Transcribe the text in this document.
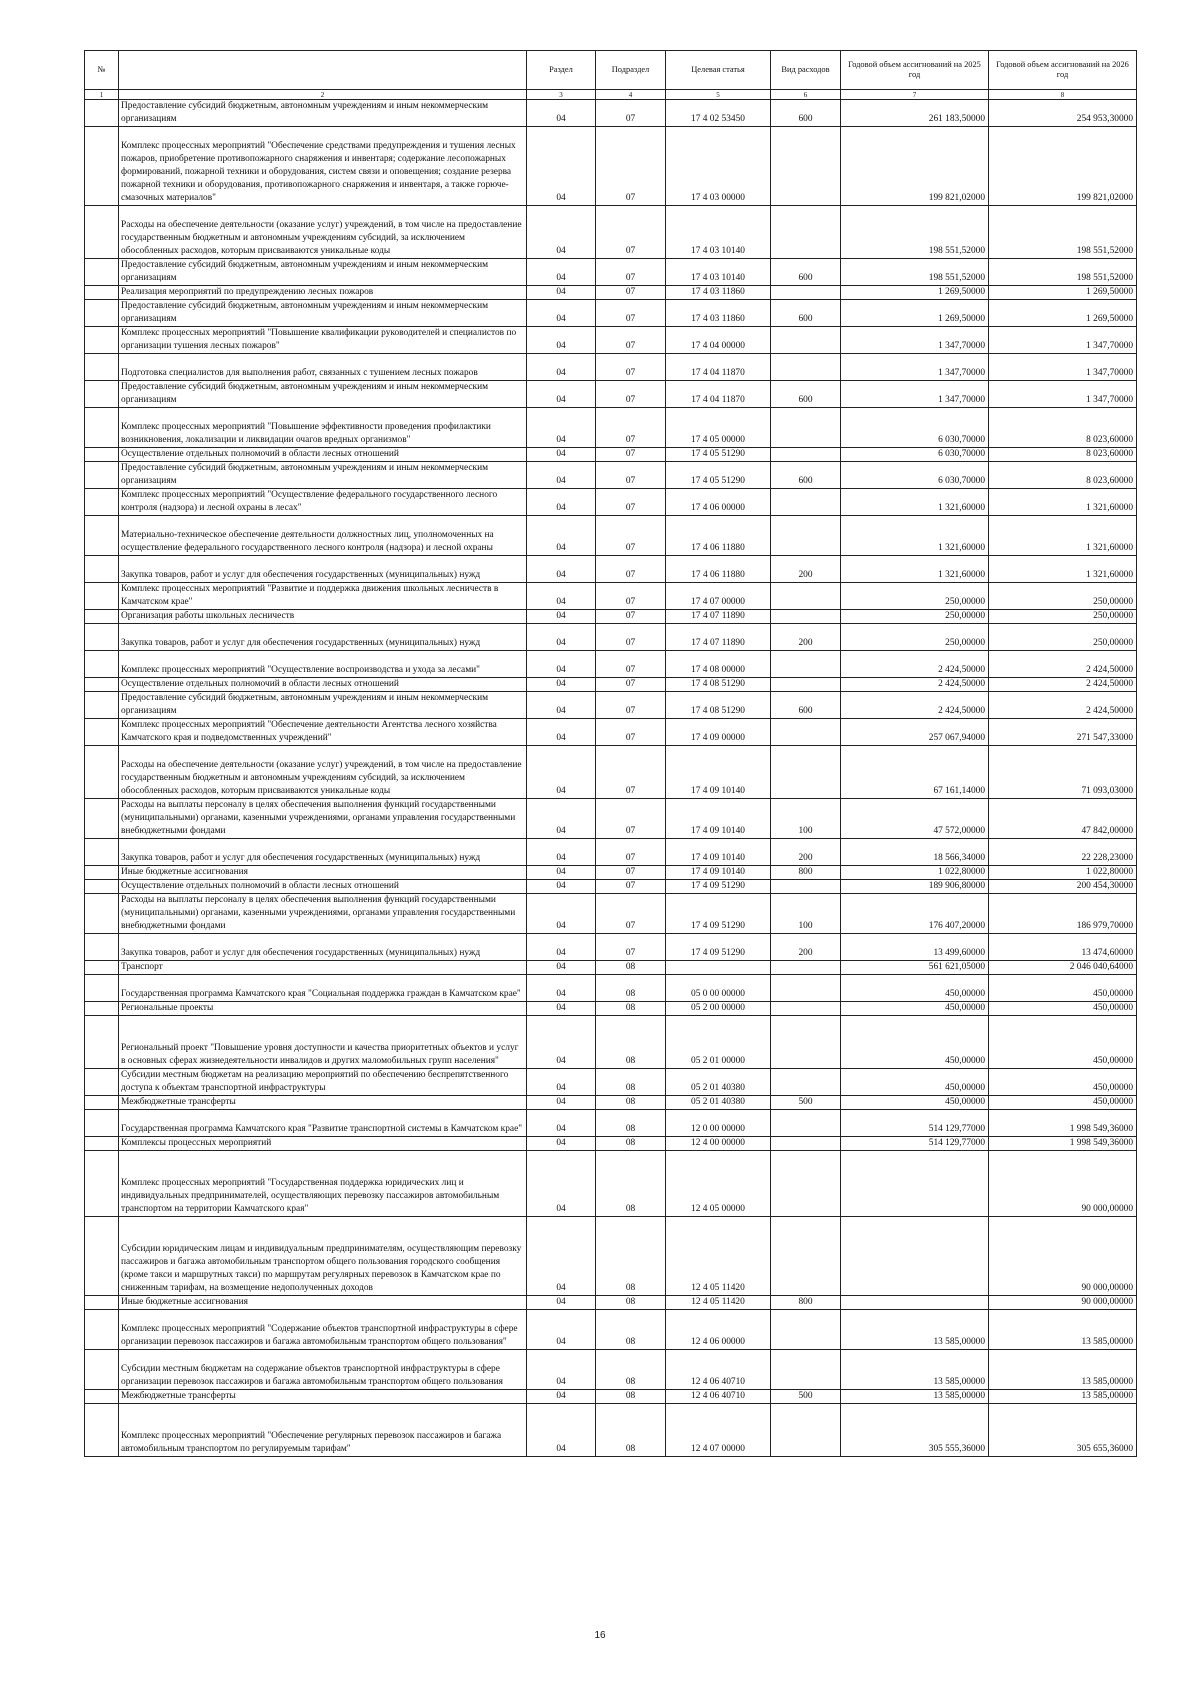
№		Раздел	Подраздел	Целевая статья	Вид расходов	Годовой объем ассигнований на 2025 год	Годовой объем ассигнований на 2026 год
1	2	3	4	5	6	7	8
	Предоставление субсидий бюджетным, автономным учреждениям и иным некоммерческим организациям	04	07	17 4 02 53450	600	261 183,50000	254 953,30000
	Комплекс процессных мероприятий "Обеспечение средствами предупреждения и тушения лесных пожаров, приобретение противопожарного снаряжения и инвентаря; содержание лесопожарных формирований, пожарной техники и оборудования, систем связи и оповещения; создание резерва пожарной техники и оборудования, противопожарного снаряжения и инвентаря, а также горюче-смазочных материалов"	04	07	17 4 03 00000		199 821,02000	199 821,02000
	Расходы на обеспечение деятельности (оказание услуг) учреждений, в том числе на предоставление государственным бюджетным и автономным учреждениям субсидий, за исключением обособленных расходов, которым присваиваются уникальные коды	04	07	17 4 03 10140		198 551,52000	198 551,52000
	Предоставление субсидий бюджетным, автономным учреждениям и иным некоммерческим организациям	04	07	17 4 03 10140	600	198 551,52000	198 551,52000
	Реализация мероприятий по предупреждению лесных пожаров	04	07	17 4 03 11860		1 269,50000	1 269,50000
	Предоставление субсидий бюджетным, автономным учреждениям и иным некоммерческим организациям	04	07	17 4 03 11860	600	1 269,50000	1 269,50000
	Комплекс процессных мероприятий "Повышение квалификации руководителей и специалистов по организации тушения лесных пожаров"	04	07	17 4 04 00000		1 347,70000	1 347,70000
	Подготовка специалистов для выполнения работ, связанных с тушением лесных пожаров	04	07	17 4 04 11870		1 347,70000	1 347,70000
	Предоставление субсидий бюджетным, автономным учреждениям и иным некоммерческим организациям	04	07	17 4 04 11870	600	1 347,70000	1 347,70000
	Комплекс процессных мероприятий "Повышение эффективности проведения профилактики возникновения, локализации и ликвидации очагов вредных организмов"	04	07	17 4 05 00000		6 030,70000	8 023,60000
	Осуществление отдельных полномочий в области лесных отношений	04	07	17 4 05 51290		6 030,70000	8 023,60000
	Предоставление субсидий бюджетным, автономным учреждениям и иным некоммерческим организациям	04	07	17 4 05 51290	600	6 030,70000	8 023,60000
	Комплекс процессных мероприятий "Осуществление федерального государственного лесного контроля (надзора) и лесной охраны в лесах"	04	07	17 4 06 00000		1 321,60000	1 321,60000
	Материально-техническое обеспечение деятельности должностных лиц, уполномоченных на осуществление федерального государственного лесного контроля (надзора) и лесной охраны	04	07	17 4 06 11880		1 321,60000	1 321,60000
	Закупка товаров, работ и услуг для обеспечения государственных (муниципальных) нужд	04	07	17 4 06 11880	200	1 321,60000	1 321,60000
	Комплекс процессных мероприятий "Развитие и поддержка движения школьных лесничеств в Камчатском крае"	04	07	17 4 07 00000		250,00000	250,00000
	Организация работы школьных лесничеств	04	07	17 4 07 11890		250,00000	250,00000
	Закупка товаров, работ и услуг для обеспечения государственных (муниципальных) нужд	04	07	17 4 07 11890	200	250,00000	250,00000
	Комплекс процессных мероприятий "Осуществление воспроизводства и ухода за лесами"	04	07	17 4 08 00000		2 424,50000	2 424,50000
	Осуществление отдельных полномочий в области лесных отношений	04	07	17 4 08 51290		2 424,50000	2 424,50000
	Предоставление субсидий бюджетным, автономным учреждениям и иным некоммерческим организациям	04	07	17 4 08 51290	600	2 424,50000	2 424,50000
	Комплекс процессных мероприятий "Обеспечение деятельности Агентства лесного хозяйства Камчатского края и подведомственных учреждений"	04	07	17 4 09 00000		257 067,94000	271 547,33000
	Расходы на обеспечение деятельности (оказание услуг) учреждений, в том числе на предоставление государственным бюджетным и автономным учреждениям субсидий, за исключением обособленных расходов, которым присваиваются уникальные коды	04	07	17 4 09 10140		67 161,14000	71 093,03000
	Расходы на выплаты персоналу в целях обеспечения выполнения функций государственными (муниципальными) органами, казенными учреждениями, органами управления государственными внебюджетными фондами	04	07	17 4 09 10140	100	47 572,00000	47 842,00000
	Закупка товаров, работ и услуг для обеспечения государственных (муниципальных) нужд	04	07	17 4 09 10140	200	18 566,34000	22 228,23000
	Иные бюджетные ассигнования	04	07	17 4 09 10140	800	1 022,80000	1 022,80000
	Осуществление отдельных полномочий в области лесных отношений	04	07	17 4 09 51290		189 906,80000	200 454,30000
	Расходы на выплаты персоналу в целях обеспечения выполнения функций государственными (муниципальными) органами, казенными учреждениями, органами управления государственными внебюджетными фондами	04	07	17 4 09 51290	100	176 407,20000	186 979,70000
	Закупка товаров, работ и услуг для обеспечения государственных (муниципальных) нужд	04	07	17 4 09 51290	200	13 499,60000	13 474,60000
	Транспорт	04	08			561 621,05000	2 046 040,64000
	Государственная программа Камчатского края "Социальная поддержка граждан в Камчатском крае"	04	08	05 0 00 00000		450,00000	450,00000
	Региональные проекты	04	08	05 2 00 00000		450,00000	450,00000
	Региональный проект "Повышение уровня доступности и качества приоритетных объектов и услуг в основных сферах жизнедеятельности инвалидов и других маломобильных групп населения"	04	08	05 2 01 00000		450,00000	450,00000
	Субсидии местным бюджетам на реализацию мероприятий по обеспечению беспрепятственного доступа к объектам транспортной инфраструктуры	04	08	05 2 01 40380		450,00000	450,00000
	Межбюджетные трансферты	04	08	05 2 01 40380	500	450,00000	450,00000
	Государственная программа Камчатского края "Развитие транспортной системы в Камчатском крае"	04	08	12 0 00 00000		514 129,77000	1 998 549,36000
	Комплексы процессных мероприятий	04	08	12 4 00 00000		514 129,77000	1 998 549,36000
	Комплекс процессных мероприятий "Государственная поддержка юридических лиц и индивидуальных предпринимателей, осуществляющих перевозку пассажиров автомобильным транспортом на территории Камчатского края"	04	08	12 4 05 00000			90 000,00000
	Субсидии юридическим лицам и индивидуальным предпринимателям, осуществляющим перевозку пассажиров и багажа автомобильным транспортом общего пользования городского сообщения (кроме такси и маршрутных такси) по маршрутам регулярных перевозок в Камчатском крае по сниженным тарифам, на возмещение недополученных доходов	04	08	12 4 05 11420			90 000,00000
	Иные бюджетные ассигнования	04	08	12 4 05 11420	800		90 000,00000
	Комплекс процессных мероприятий "Содержание объектов транспортной инфраструктуры в сфере организации перевозок пассажиров и багажа автомобильным транспортом общего пользования"	04	08	12 4 06 00000		13 585,00000	13 585,00000
	Субсидии местным бюджетам на содержание объектов транспортной инфраструктуры в сфере организации перевозок пассажиров и багажа автомобильным транспортом общего пользования	04	08	12 4 06 40710		13 585,00000	13 585,00000
	Межбюджетные трансферты	04	08	12 4 06 40710	500	13 585,00000	13 585,00000
	Комплекс процессных мероприятий "Обеспечение регулярных перевозок пассажиров и багажа автомобильным транспортом по регулируемым тарифам"	04	08	12 4 07 00000		305 555,36000	305 655,36000
16
